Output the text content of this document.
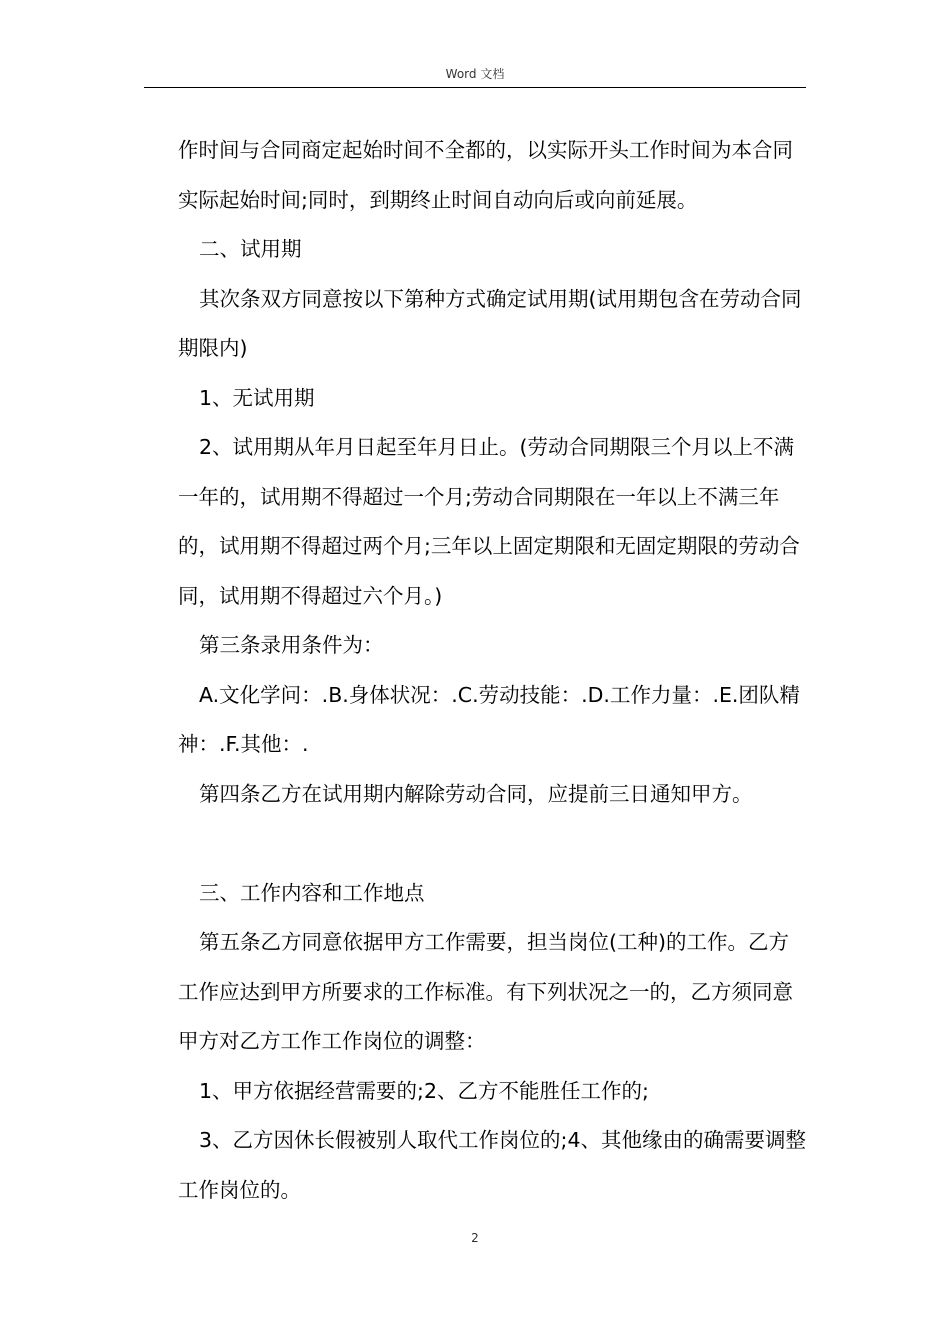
Word 文档

作时间与合同商定起始时间不全都的，以实际开头工作时间为本合同实际起始时间;同时，到期终止时间自动向后或向前延展。

二、试用期

其次条双方同意按以下第种方式确定试用期(试用期包含在劳动合同期限内)

1、无试用期

2、试用期从年月日起至年月日止。(劳动合同期限三个月以上不满一年的，试用期不得超过一个月;劳动合同期限在一年以上不满三年的，试用期不得超过两个月;三年以上固定期限和无固定期限的劳动合同，试用期不得超过六个月。)

第三条录用条件为：

A.文化学问：.B.身体状况：.C.劳动技能：.D.工作力量：.E.团队精神：.F.其他：.

第四条乙方在试用期内解除劳动合同，应提前三日通知甲方。

三、工作内容和工作地点

第五条乙方同意依据甲方工作需要，担当岗位(工种)的工作。乙方工作应达到甲方所要求的工作标准。有下列状况之一的，乙方须同意甲方对乙方工作工作岗位的调整：

1、甲方依据经营需要的;2、乙方不能胜任工作的;

3、乙方因休长假被别人取代工作岗位的;4、其他缘由的确需要调整工作岗位的。

2
